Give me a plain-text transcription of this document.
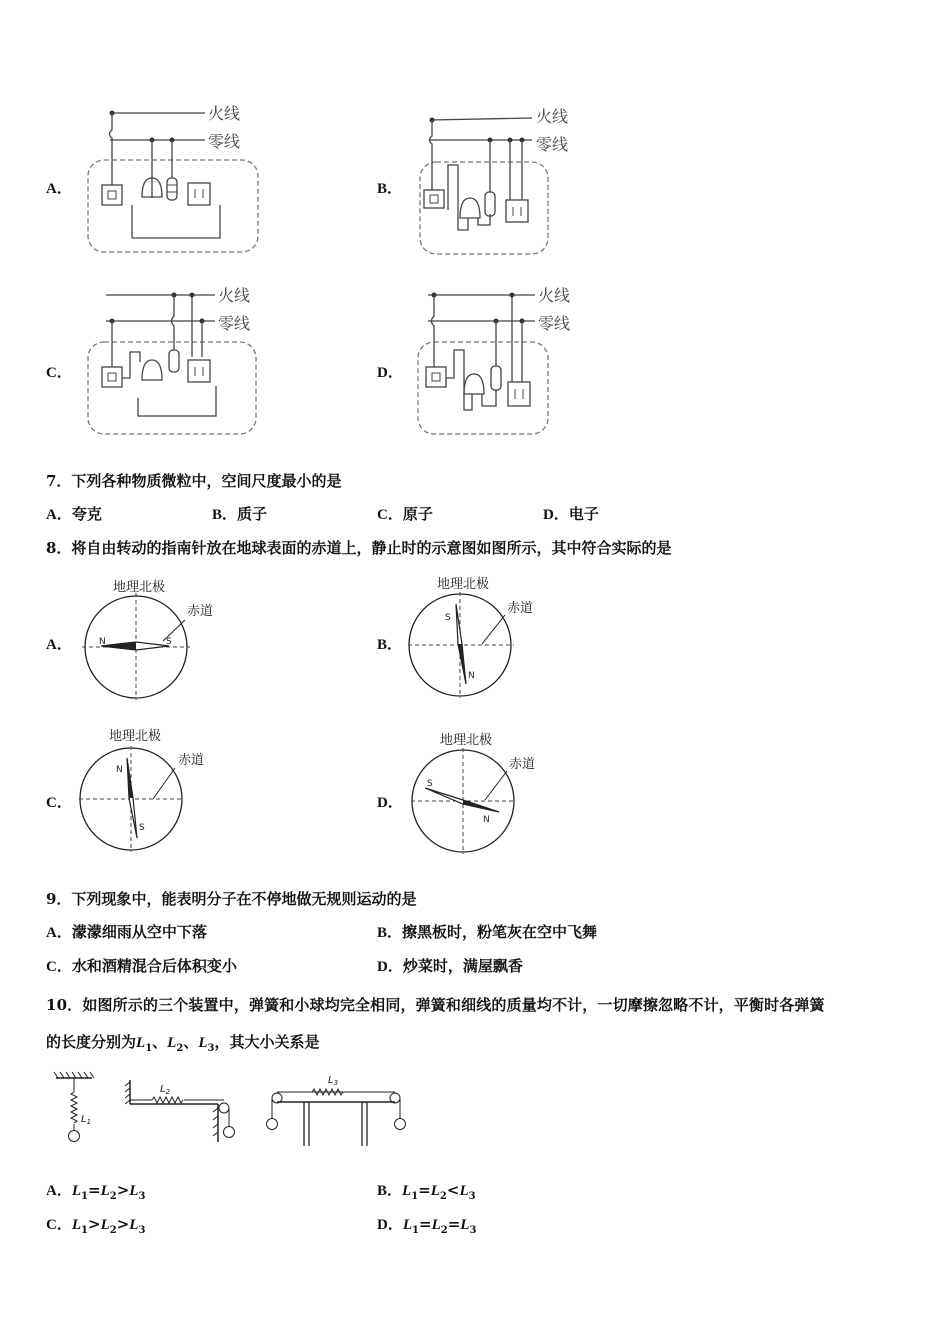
A．	B．
C．	D．
火线
零线
火线
零线
火线
零线
火线
零线
7．下列各种物质微粒中，空间尺度最小的是
A．夸克	B．质子	C．原子	D．电子
8．将自由转动的指南针放在地球表面的赤道上，静止时的示意图如图所示，其中符合实际的是
A．	B．
C．	D．
地理北极
赤道
N	S
地理北极
赤道
S
N
地理北极
赤道
N
S
地理北极
赤道
S
N
9．下列现象中，能表明分子在不停地做无规则运动的是
A．濛濛细雨从空中下落	B．擦黑板时，粉笔灰在空中飞舞
C．水和酒精混合后体积变小	D．炒菜时，满屋飘香
10．如图所示的三个装置中，弹簧和小球均完全相同，弹簧和细线的质量均不计，一切摩擦忽略不计，平衡时各弹簧
的长度分别为$L_1$、$L_2$、$L_3$，其大小关系是
$L_1$
$L_2$
$L_3$
A．$L_1=L_2>L_3$	B．$L_1=L_2<L_3$
C．$L_1>L_2>L_3$	D．$L_1=L_2=L_3$
